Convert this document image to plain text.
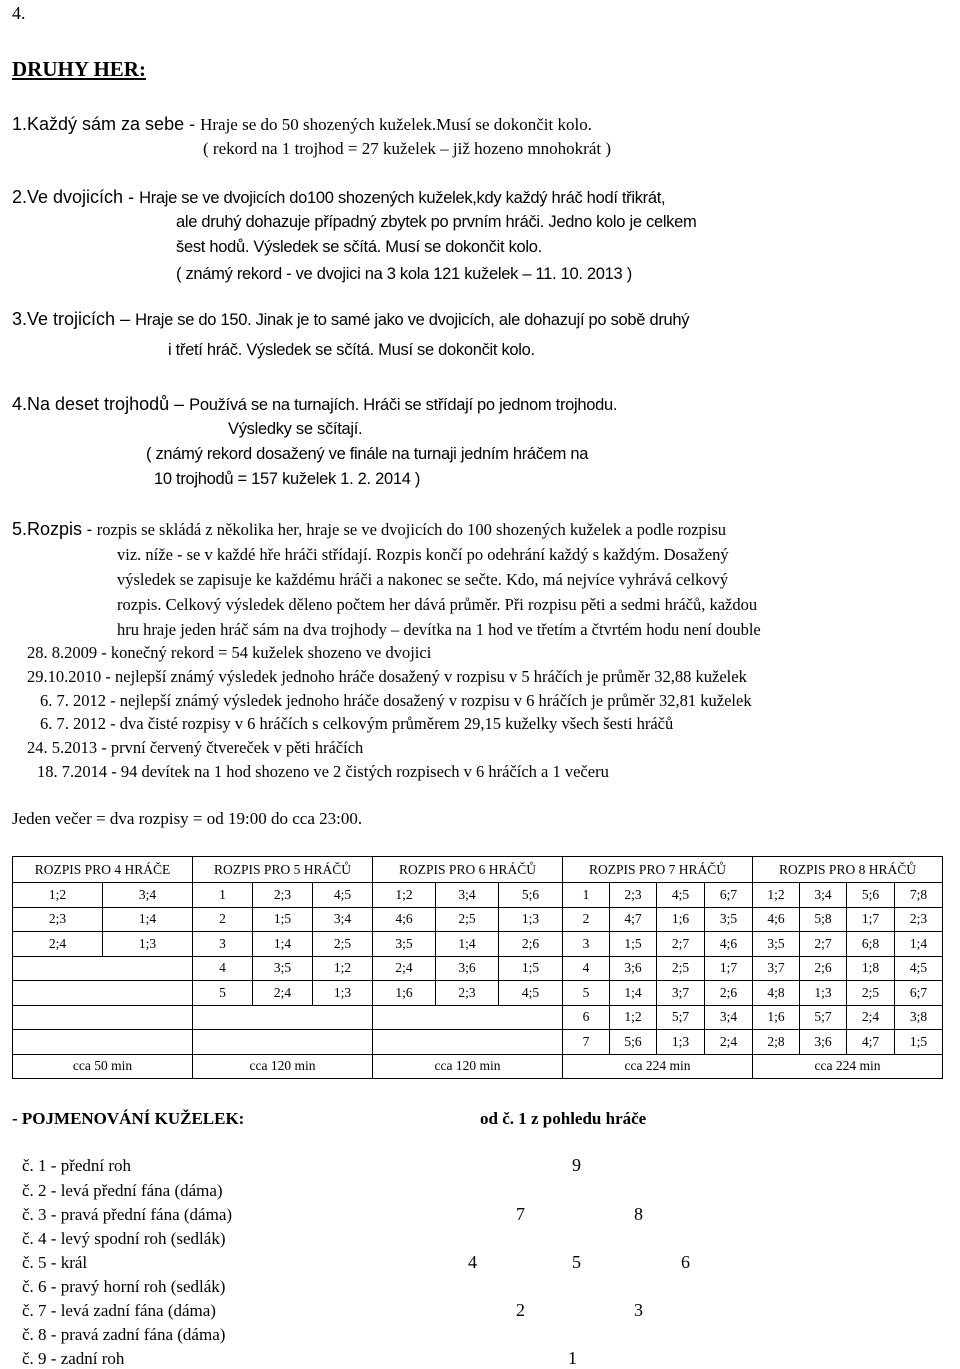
4.
DRUHY HER:
1.Každý sám za sebe - Hraje se do 50 shozených kuželek.Musí se dokončit kolo.
( rekord na 1 trojhod = 27 kuželek – již hozeno mnohokrát )
2.Ve dvojicích - Hraje se ve dvojicích do100 shozených kuželek,kdy každý hráč hodí třikrát,
ale druhý dohazuje případný zbytek po prvním hráči. Jedno kolo je celkem
šest hodů. Výsledek se sčítá. Musí se dokončit kolo.
( známý rekord - ve dvojici na 3 kola 121 kuželek – 11. 10. 2013 )
3.Ve trojicích – Hraje se do 150. Jinak je to samé jako ve dvojicích, ale dohazují po sobě druhý
i třetí hráč. Výsledek se sčítá. Musí se dokončit kolo.
4.Na deset trojhodů – Používá se na turnajích. Hráči se střídají po jednom trojhodu.
Výsledky se sčítají.
( známý rekord dosažený ve finále na turnaji jedním hráčem na
10 trojhodů = 157 kuželek 1. 2. 2014 )
5.Rozpis - rozpis se skládá z několika her, hraje se ve dvojicích do 100 shozených kuželek a podle rozpisu
viz. níže - se v každé hře hráči střídají. Rozpis končí po odehrání každý s každým. Dosažený
výsledek se zapisuje ke každému hráči a nakonec se sečte. Kdo, má nejvíce vyhrává celkový
rozpis. Celkový výsledek děleno počtem her dává průměr. Při rozpisu pěti a sedmi hráčů, každou
hru hraje jeden hráč sám na dva trojhody – devítka na 1 hod ve třetím a čtvrtém hodu není double
28. 8.2009 - konečný rekord = 54 kuželek shozeno ve dvojici
29.10.2010 - nejlepší známý výsledek jednoho hráče dosažený v rozpisu v 5 hráčích je průměr 32,88 kuželek
6. 7. 2012 - nejlepší známý výsledek jednoho hráče dosažený v rozpisu v 6 hráčích je průměr 32,81 kuželek
6. 7. 2012 - dva čisté rozpisy v 6 hráčích s celkovým průměrem 29,15 kuželky všech šesti hráčů
24. 5.2013 - první červený čtvereček v pěti hráčích
18. 7.2014 - 94 devítek na 1 hod shozeno ve 2 čistých rozpisech v 6 hráčích a 1 večeru
Jeden večer = dva rozpisy = od 19:00 do cca 23:00.
ROZPIS PRO 4 HRÁČE		ROZPIS PRO 5 HRÁČŮ			ROZPIS PRO 6 HRÁČŮ			ROZPIS PRO 7 HRÁČŮ				ROZPIS PRO 8 HRÁČŮ			
1;2	3;4	1	2;3	4;5	1;2	3;4	5;6	1	2;3	4;5	6;7	1;2	3;4	5;6	7;8
2;3	1;4	2	1;5	3;4	4;6	2;5	1;3	2	4;7	1;6	3;5	4;6	5;8	1;7	2;3
2;4	1;3	3	1;4	2;5	3;5	1;4	2;6	3	1;5	2;7	4;6	3;5	2;7	6;8	1;4
		4	3;5	1;2	2;4	3;6	1;5	4	3;6	2;5	1;7	3;7	2;6	1;8	4;5
		5	2;4	1;3	1;6	2;3	4;5	5	1;4	3;7	2;6	4;8	1;3	2;5	6;7
								6	1;2	5;7	3;4	1;6	5;7	2;4	3;8
								7	5;6	1;3	2;4	2;8	3;6	4;7	1;5
cca 50 min		cca 120 min			cca 120 min			cca 224 min				cca 224 min			
- POJMENOVÁNÍ KUŽELEK:	od č. 1 z pohledu hráče
č. 1 - přední roh
č. 2 - levá přední fána (dáma)
č. 3 - pravá přední fána (dáma)
č. 4 - levý spodní roh (sedlák)
č. 5 - král
č. 6 - pravý horní roh (sedlák)
č. 7 - levá zadní fána (dáma)
č. 8 - pravá zadní fána (dáma)
č. 9 - zadní roh
9
7	8
4	5	6
2	3
1
